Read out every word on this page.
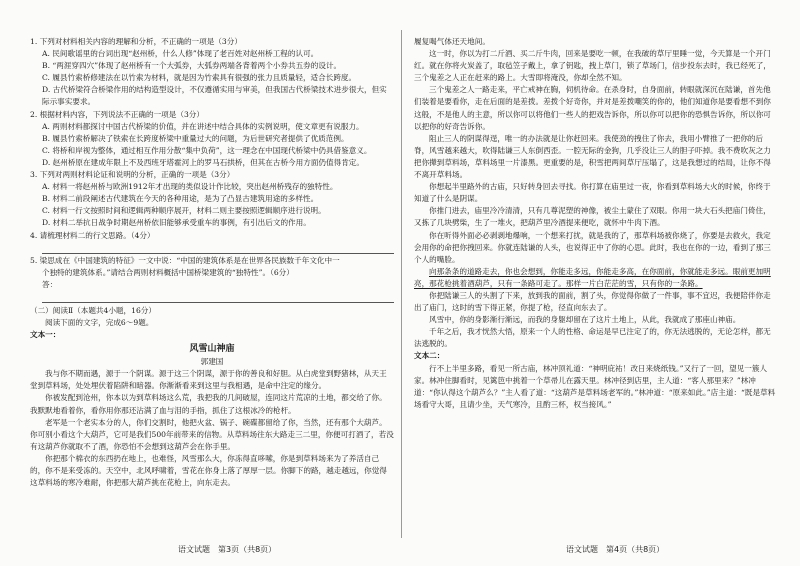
1. 下列对材料相关内容的理解和分析，不正确的一项是（3分）

A. 民间歌谣里的台词出现“赵州桥，什么人修”体现了老百姓对赵州桥工程的认可。

B. “两涯穿四穴”体现了赵州桥有一个大弧券，大弧券两端各背着两个小券共五券的设计。

C. 履县竹索桥修建法在以竹索为材料，就是因为竹索具有很强的张力且质量轻，适合长跨度。

D. 古代桥梁符合桥梁作用的结构造型设计，不仅遵循实用与审美，但我国古代桥梁技术进步很大，但实际示事实要求。

2. 根据材料内容，下列说法不正确的一项是（3分）

A. 两则材料都探讨中国古代桥梁的价值，并在讲述中结合具体的实例说明，使文章更有说服力。

B. 履县竹索桥解决了铁索在长跨度桥梁中重量过大的问题，为后世研究者提供了优质范例。

C. 将桥和岸视为整体，通过相互作用分散“集中负荷”，这一理念在中国现代桥梁中仍具借鉴意义。

D. 赵州桥原在建成年限上不及西班牙塔霍河上的罗马石拱桥，但其在古桥今用方面仍值得肯定。

3. 下列对两则材料论证和说明的分析，正确的一项是（3分）

A. 材料一将赵州桥与欧洲1912年才出现的类似设计作比较，突出赵州桥残存的独特性。

B. 材料二前段阐述古代建筑在今天的各种用途，是为了凸显古建筑用途的多样性。

C. 材料一行文按照时间和逻辑两种顺序展开，材料二则主要按照逻辑顺序进行说明。

D. 材料二举抗日战争时期赵州桥依旧能够承受重车的事例，有引出后文的作用。

4. 请梳理材料二的行文思路。（4分）

5. 梁思成在《中国建筑的特征》一文中说：“中国的建筑体系是在世界各民族数千年文化中一

个独特的建筑体系。”请结合两则材料概括中国桥梁建筑的“独特性”。（6分）

答：

（二）阅读Ⅱ（本题共4小题，16分）

阅读下面的文字，完成6～9题。

文本一：

风雪山神庙

郭建国

我与你不期而遇，源于一个阴谋。源于这三个阴谋，源于你的善良和好胆。从白虎堂到野猪林，从天王堂到草料场，处处埋伏着陷阱和暗器。你渐渐看来到这里与我相遇，是命中注定的缘分。

你被发配到沧州，你本以为到草料场这么荒，我把我的几间破屋，连同这片荒凉的土地，都交给了你。我默默地看着你，看你用你那还沾满了血与泪的手指，抓住了这根冰冷的枪杆。

老军是一个老实本分的人，你们交割时，他把火盆、锅子、碗碟都留给了你，当然，还有那个大葫芦。你可别小看这个大葫芦，它可是我们500年前带来的信物。从草料场往东大路走三二里，你便可打酒了，若没有这葫芦你就取不了酒，你恐怕不会想到这葫芦会在你手里。

你把那个棉衣的东西扔在地上，也难怪，风雪那么大，你冻得直哆嗦，你是到草料场来为了养活自己的，你不是来受冻的。天空中，北风呼啸着，雪花在你身上落了厚厚一层。你脚下的路，越走越远，你觉得这草料场的寒冷难耐，你把那大葫芦挑在花枪上，向东走去。

履复喝气体还天地间。

这一时，你以为打二斤酒、买二斤牛肉，回来是要吃一顿，在我破的草厅里睡一觉，今天算是一个开门红。就在你将火炭盖了，取毡笠子戴上，拿了钥匙，拽上草门，锁了草场门，信步投东去时，我已经死了，三个鬼差之人正在赶来的路上。大雪即将淹没，你却全然不知。

三个鬼差之人一路走来，平亡戒神在胸，伺机待命。在杀身时，自身面前，转眼就深沉在陆谦，首先他们装着是要看你，走在后面的是差拨。差拨个好奇你，并对是差拨嘲笑的你的，他们知道你是要看想不到你这般，不是他人的主意，所以你可以将他们一些人的把戏告诉你，所以你可以把你的恐惧告诉你，所以你可以把你的好奇告诉你。

阻止三人的阴谋得逞，唯一的办法就是让你赶回来。我使劲的拽住了你去，我用小臂推了一把你的后脊，风雪越来越大，吹得陆谦三人东倒西歪。一腔无际的金狗，几乎没让三人的胆子吓掉。我不费吹灰之力把你撵到草料场，草料场里一片漆黑。更重要的是，积雪把两间草厅压塌了，这是我想过的结局，让你不得不离开草料场。

你想起半里路外的古庙，只好转身回去寻找。你打算在庙里过一夜，你看到草料场大火的时候，你终于知道了什么是阴谋。

你推门进去，庙里冷冷清清，只有几尊泥塑的神像，被尘土蒙住了双眼。你用一块大石头把庙门倚住，又拣了几块劈柴，生了一堆火，把葫芦里冷酒提来便吃，就怀中牛肉下酒。

你在听得外面必必剥剥地爆响，一个想来打扰，就是我的了，那草料场被你烧了，你要是去救火，我定会用你的命把你拽回来。你就连陆谦的人头，也说得正中了你的心思。此时，我也在你的一边，看到了那三个人的嘴脸。

向那条条的道路走去，你也会想到，你能走多远，你能走多高，在你面前，你就能走多远。眼前更加明亮，那花枪挑着酒葫芦，只有一条路可走了。那样一片白茫茫的雪，只有你的一条路。

你把陆谦三人的头割了下来，放到我的面前，割了头，你觉得你做了一件事，事不宜迟，我便陪伴你走出了庙门，这时的雪下得正紧，你提了枪，径直向东去了。

风雪中，你的身影渐行渐远，而我的身躯却留在了这片土地上，从此，我就成了那座山神庙。

千年之后，我才恍然大悟，原来一个人的性格、命运是早已注定了的，你无法逃脱的，无论怎样，都无法逃脱的。

文本二：

行不上半里多路，看见一所古庙，林冲顶礼道：“神明庇祐！改日来烧纸钱。”又行了一回，望见一簇人家。林冲住脚看时，见篱笆中挑着一个草帚儿在露天里。林冲径到店里，主人道：“客人那里来？”林冲道：“你认得这个葫芦么？”主人看了道：“这葫芦是草料场老军的。”林冲道：“原来如此。”店主道：“既是草料场看守大哥，且请少坐，天气寒冷，且酌三杯，权当接风。”

语文试题　第3页（共8页）	语文试题　第4页（共8页）
